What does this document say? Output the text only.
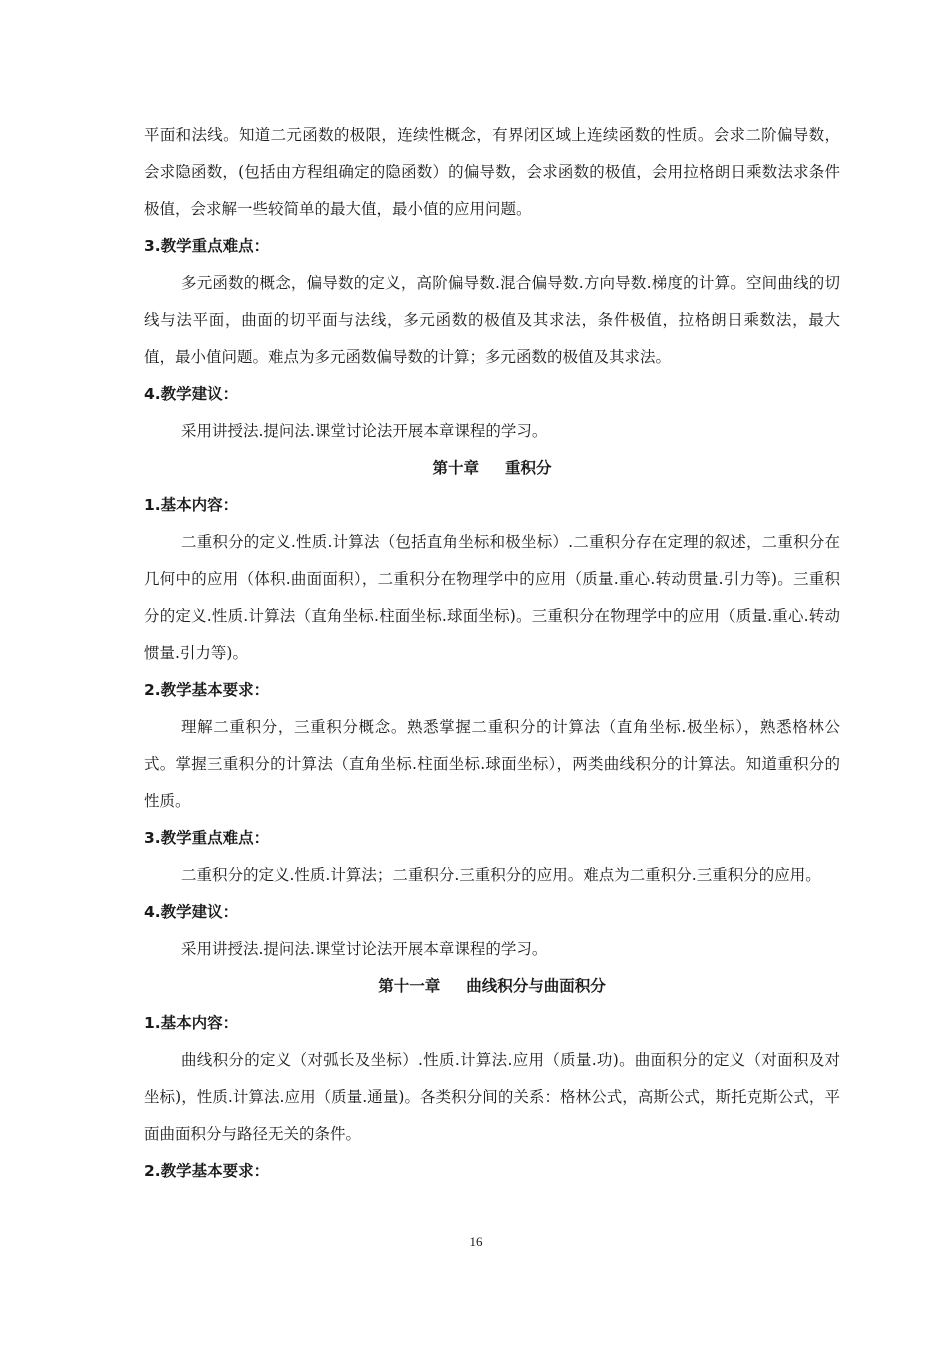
平面和法线。知道二元函数的极限，连续性概念，有界闭区域上连续函数的性质。会求二阶偏导数，会求隐函数，(包括由方程组确定的隐函数）的偏导数，会求函数的极值，会用拉格朗日乘数法求条件极值，会求解一些较简单的最大值，最小值的应用问题。

3.教学重点难点：

多元函数的概念，偏导数的定义，高阶偏导数.混合偏导数.方向导数.梯度的计算。空间曲线的切线与法平面，曲面的切平面与法线，多元函数的极值及其求法，条件极值，拉格朗日乘数法，最大值，最小值问题。难点为多元函数偏导数的计算；多元函数的极值及其求法。

4.教学建议：

采用讲授法.提问法.课堂讨论法开展本章课程的学习。

第十章 重积分
1.基本内容：

二重积分的定义.性质.计算法（包括直角坐标和极坐标）.二重积分存在定理的叙述，二重积分在几何中的应用（体积.曲面面积），二重积分在物理学中的应用（质量.重心.转动贯量.引力等)。三重积分的定义.性质.计算法（直角坐标.柱面坐标.球面坐标)。三重积分在物理学中的应用（质量.重心.转动惯量.引力等)。

2.教学基本要求：

理解二重积分，三重积分概念。熟悉掌握二重积分的计算法（直角坐标.极坐标），熟悉格林公式。掌握三重积分的计算法（直角坐标.柱面坐标.球面坐标），两类曲线积分的计算法。知道重积分的性质。

3.教学重点难点：

二重积分的定义.性质.计算法；二重积分.三重积分的应用。难点为二重积分.三重积分的应用。

4.教学建议：

采用讲授法.提问法.课堂讨论法开展本章课程的学习。

第十一章 曲线积分与曲面积分
1.基本内容：

曲线积分的定义（对弧长及坐标）.性质.计算法.应用（质量.功)。曲面积分的定义（对面积及对坐标)，性质.计算法.应用（质量.通量)。各类积分间的关系：格林公式，高斯公式，斯托克斯公式，平面曲面积分与路径无关的条件。

2.教学基本要求：
16
